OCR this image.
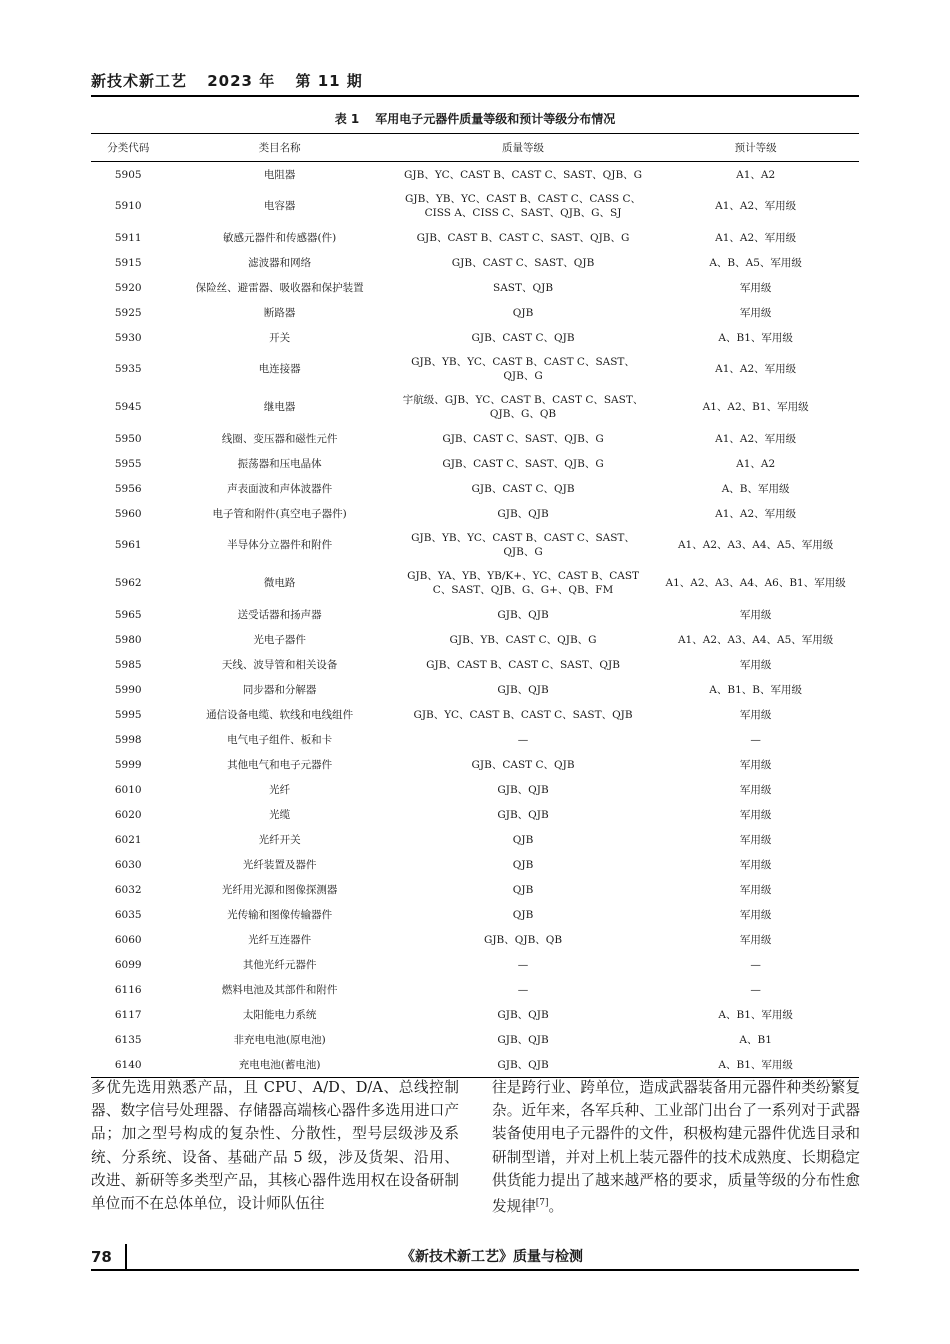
新技术新工艺 2023 年 第 11 期
表 1 军用电子元器件质量等级和预计等级分布情况
分类代码	类目名称	质量等级	预计等级
5905	电阻器	GJB、YC、CAST B、CAST C、SAST、QJB、G	A1、A2
5910	电容器	GJB、YB、YC、CAST B、CAST C、CASS C、CISS A、CISS C、SAST、QJB、G、SJ	A1、A2、军用级
5911	敏感元器件和传感器(件)	GJB、CAST B、CAST C、SAST、QJB、G	A1、A2、军用级
5915	滤波器和网络	GJB、CAST C、SAST、QJB	A、B、A5、军用级
5920	保险丝、避雷器、吸收器和保护装置	SAST、QJB	军用级
5925	断路器	QJB	军用级
5930	开关	GJB、CAST C、QJB	A、B1、军用级
5935	电连接器	GJB、YB、YC、CAST B、CAST C、SAST、QJB、G	A1、A2、军用级
5945	继电器	宇航级、GJB、YC、CAST B、CAST C、SAST、QJB、G、QB	A1、A2、B1、军用级
5950	线圈、变压器和磁性元件	GJB、CAST C、SAST、QJB、G	A1、A2、军用级
5955	振荡器和压电晶体	GJB、CAST C、SAST、QJB、G	A1、A2
5956	声表面波和声体波器件	GJB、CAST C、QJB	A、B、军用级
5960	电子管和附件(真空电子器件)	GJB、QJB	A1、A2、军用级
5961	半导体分立器件和附件	GJB、YB、YC、CAST B、CAST C、SAST、QJB、G	A1、A2、A3、A4、A5、军用级
5962	微电路	GJB、YA、YB、YB/K+、YC、CAST B、CAST C、SAST、QJB、G、G+、QB、FM	A1、A2、A3、A4、A6、B1、军用级
5965	送受话器和扬声器	GJB、QJB	军用级
5980	光电子器件	GJB、YB、CAST C、QJB、G	A1、A2、A3、A4、A5、军用级
5985	天线、波导管和相关设备	GJB、CAST B、CAST C、SAST、QJB	军用级
5990	同步器和分解器	GJB、QJB	A、B1、B、军用级
5995	通信设备电缆、软线和电线组件	GJB、YC、CAST B、CAST C、SAST、QJB	军用级
5998	电气电子组件、板和卡	—	—
5999	其他电气和电子元器件	GJB、CAST C、QJB	军用级
6010	光纤	GJB、QJB	军用级
6020	光缆	GJB、QJB	军用级
6021	光纤开关	QJB	军用级
6030	光纤装置及器件	QJB	军用级
6032	光纤用光源和图像探测器	QJB	军用级
6035	光传输和图像传输器件	QJB	军用级
6060	光纤互连器件	GJB、QJB、QB	军用级
6099	其他光纤元器件	—	—
6116	燃料电池及其部件和附件	—	—
6117	太阳能电力系统	GJB、QJB	A、B1、军用级
6135	非充电电池(原电池)	GJB、QJB	A、B1
6140	充电电池(蓄电池)	GJB、QJB	A、B1、军用级

多优先选用熟悉产品，且 CPU、A/D、D/A、总线控制器、数字信号处理器、存储器高端核心器件多选用进口产品；加之型号构成的复杂性、分散性，型号层级涉及系统、分系统、设备、基础产品 5 级，涉及货架、沿用、改进、新研等多类型产品，其核心器件选用权在设备研制单位而不在总体单位，设计师队伍往

往是跨行业、跨单位，造成武器装备用元器件种类纷繁复杂。近年来，各军兵种、工业部门出台了一系列对于武器装备使用电子元器件的文件，积极构建元器件优选目录和研制型谱，并对上机上装元器件的技术成熟度、长期稳定供货能力提出了越来越严格的要求，质量等级的分布性愈发规律[7]。

78	《新技术新工艺》质量与检测
